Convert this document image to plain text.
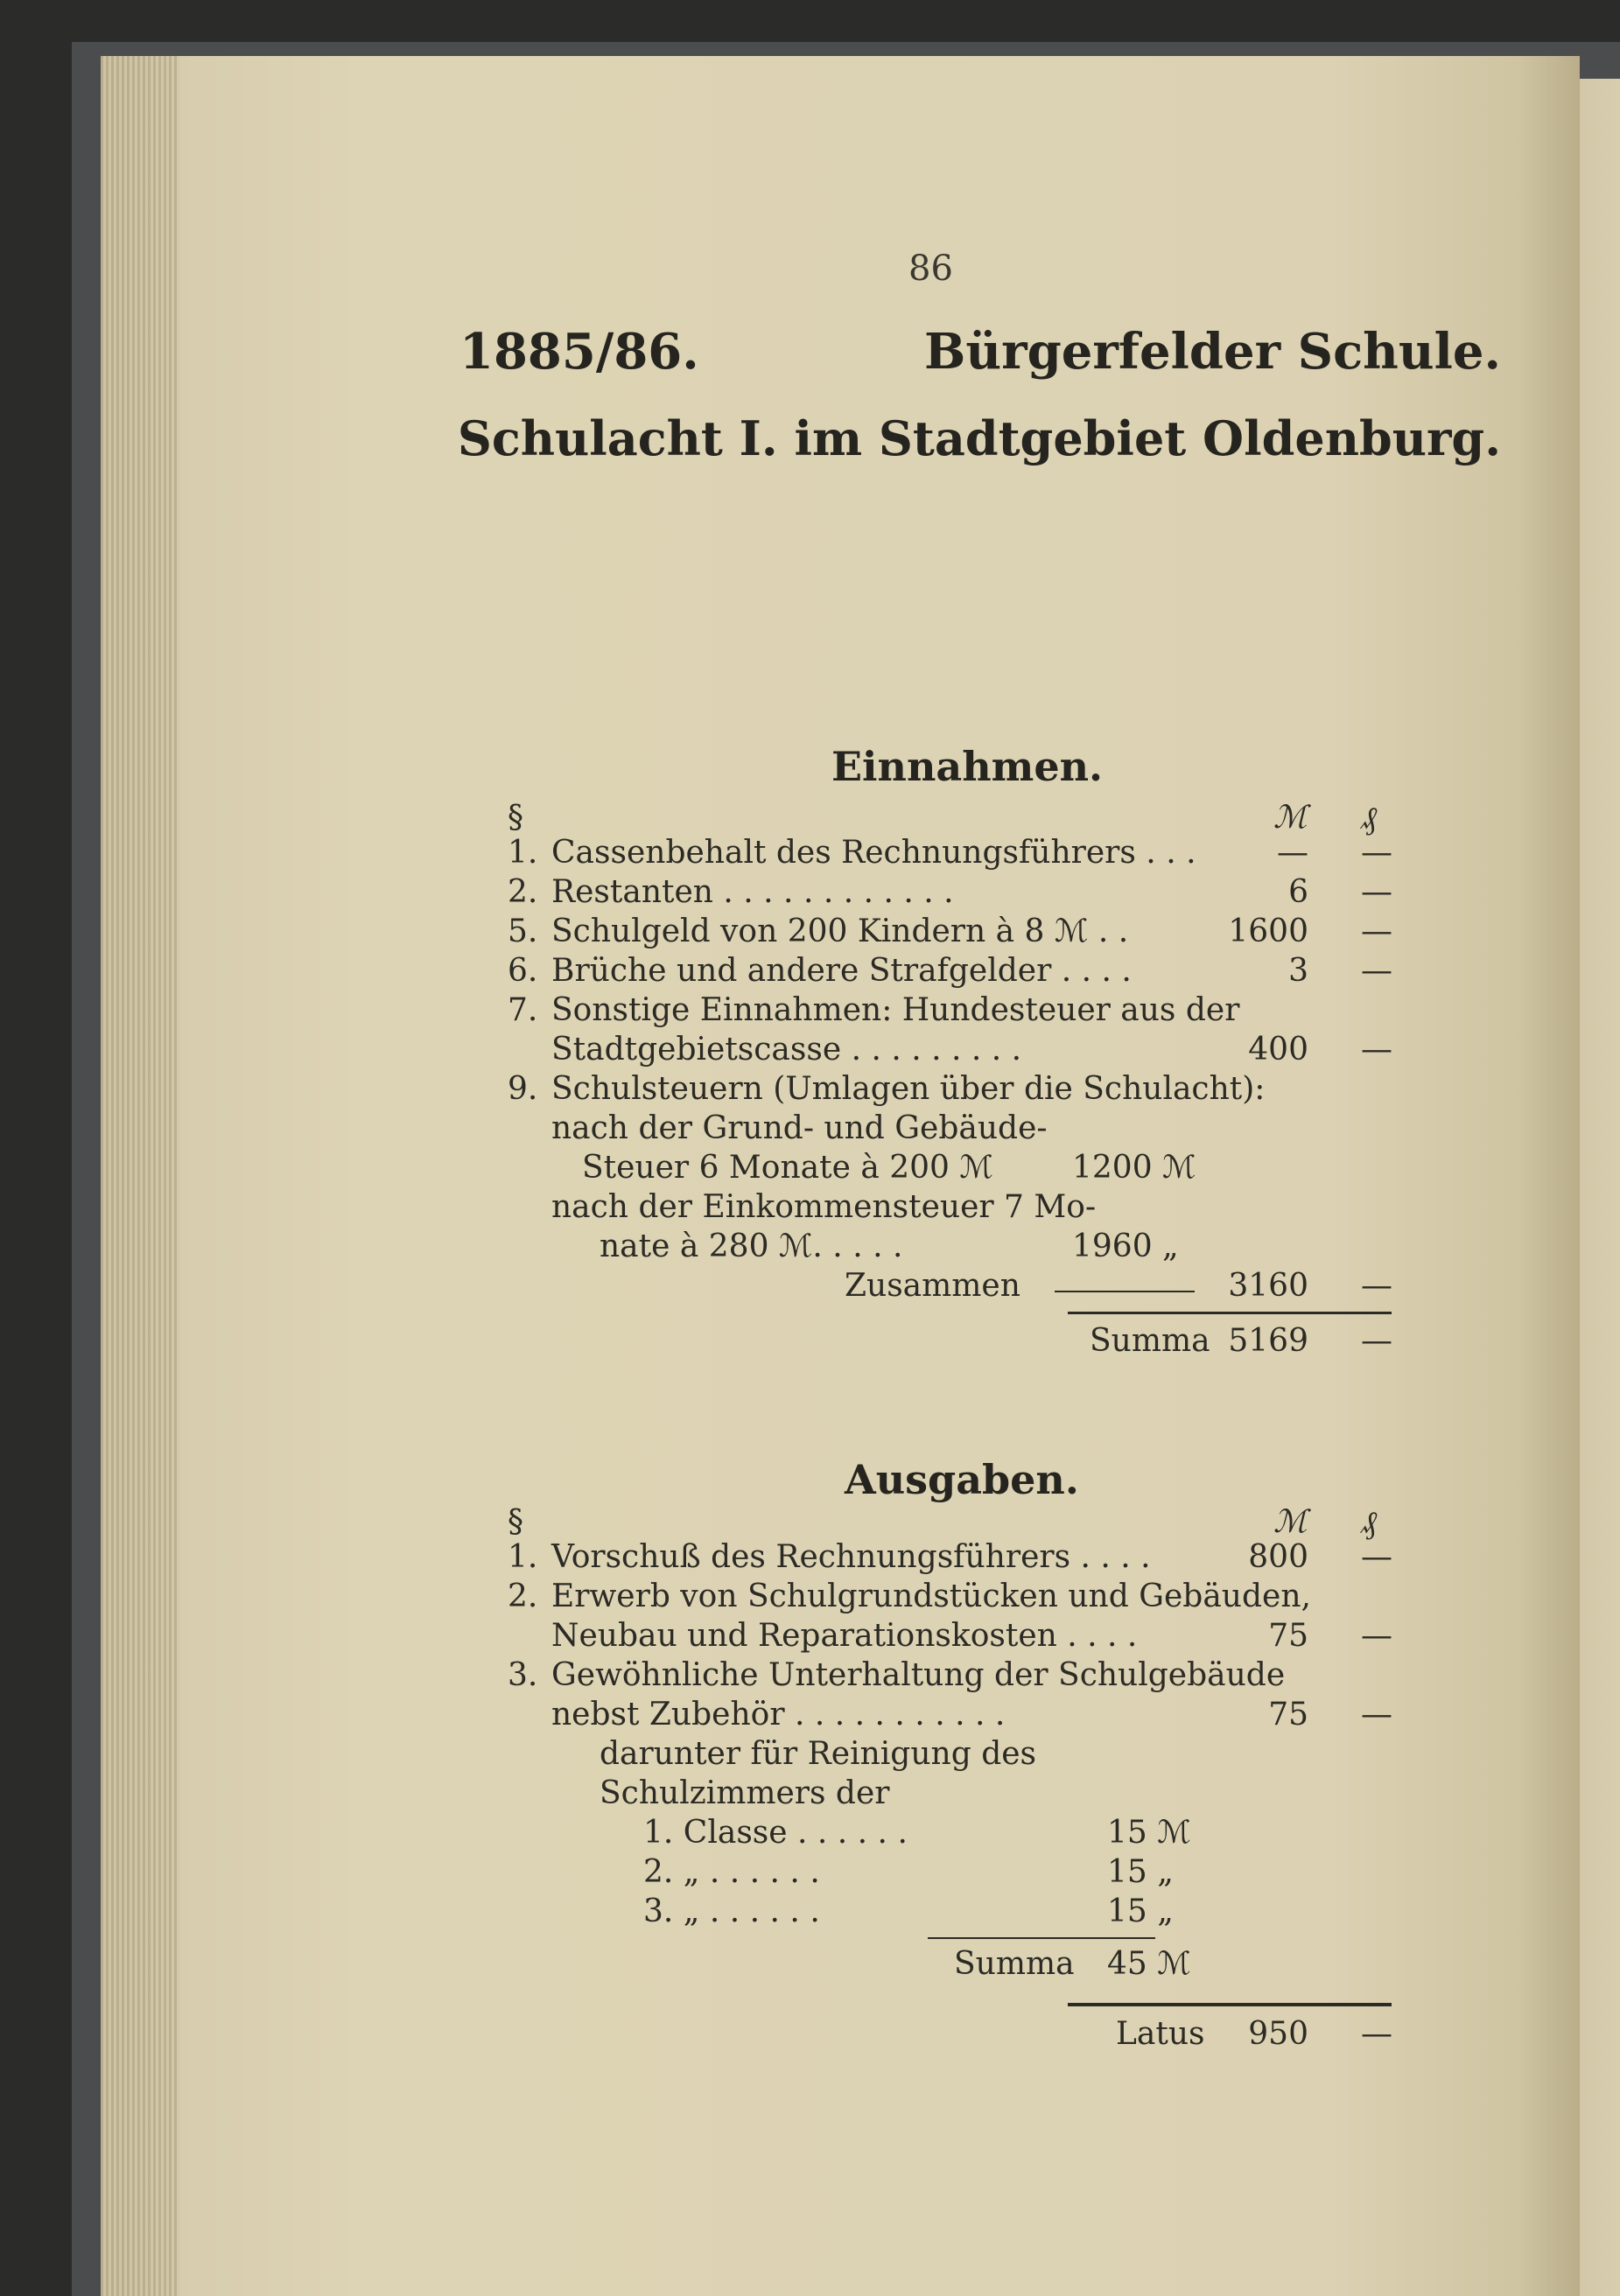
86
1885/86.	Bürgerfelder Schule.
Schulacht I. im Stadtgebiet Oldenburg.
Einnahmen.
§	ℳ ₰
1. Cassenbehalt des Rechnungsführers . . .	— —
2. Restanten . . . . . . . . . . . .	6 —
5. Schulgeld von 200 Kindern à 8 ℳ . .	1600 —
6. Brüche und andere Strafgelder . . . .	3 —
7. Sonstige Einnahmen: Hundesteuer aus der
Stadtgebietscasse . . . . . . . . .	400 —
9. Schulsteuern (Umlagen über die Schulacht):
nach der Grund- und Gebäude-
Steuer 6 Monate à 200 ℳ	1200 ℳ
nach der Einkommensteuer 7 Mo-
nate à 280 ℳ. . . . .	1960 „
Zusammen	3160 —
Summa 5169 —
Ausgaben.
§	ℳ ₰
1. Vorschuß des Rechnungsführers . . . .	800 —
2. Erwerb von Schulgrundstücken und Gebäuden,
Neubau und Reparationskosten . . . .	75 —
3. Gewöhnliche Unterhaltung der Schulgebäude
nebst Zubehör . . . . . . . . . . .	75 —
darunter für Reinigung des
Schulzimmers der
1. Classe . . . . . .	15 ℳ
2. „ . . . . . .	15 „
3. „ . . . . . .	15 „
Summa 45 ℳ
Latus	950 —
